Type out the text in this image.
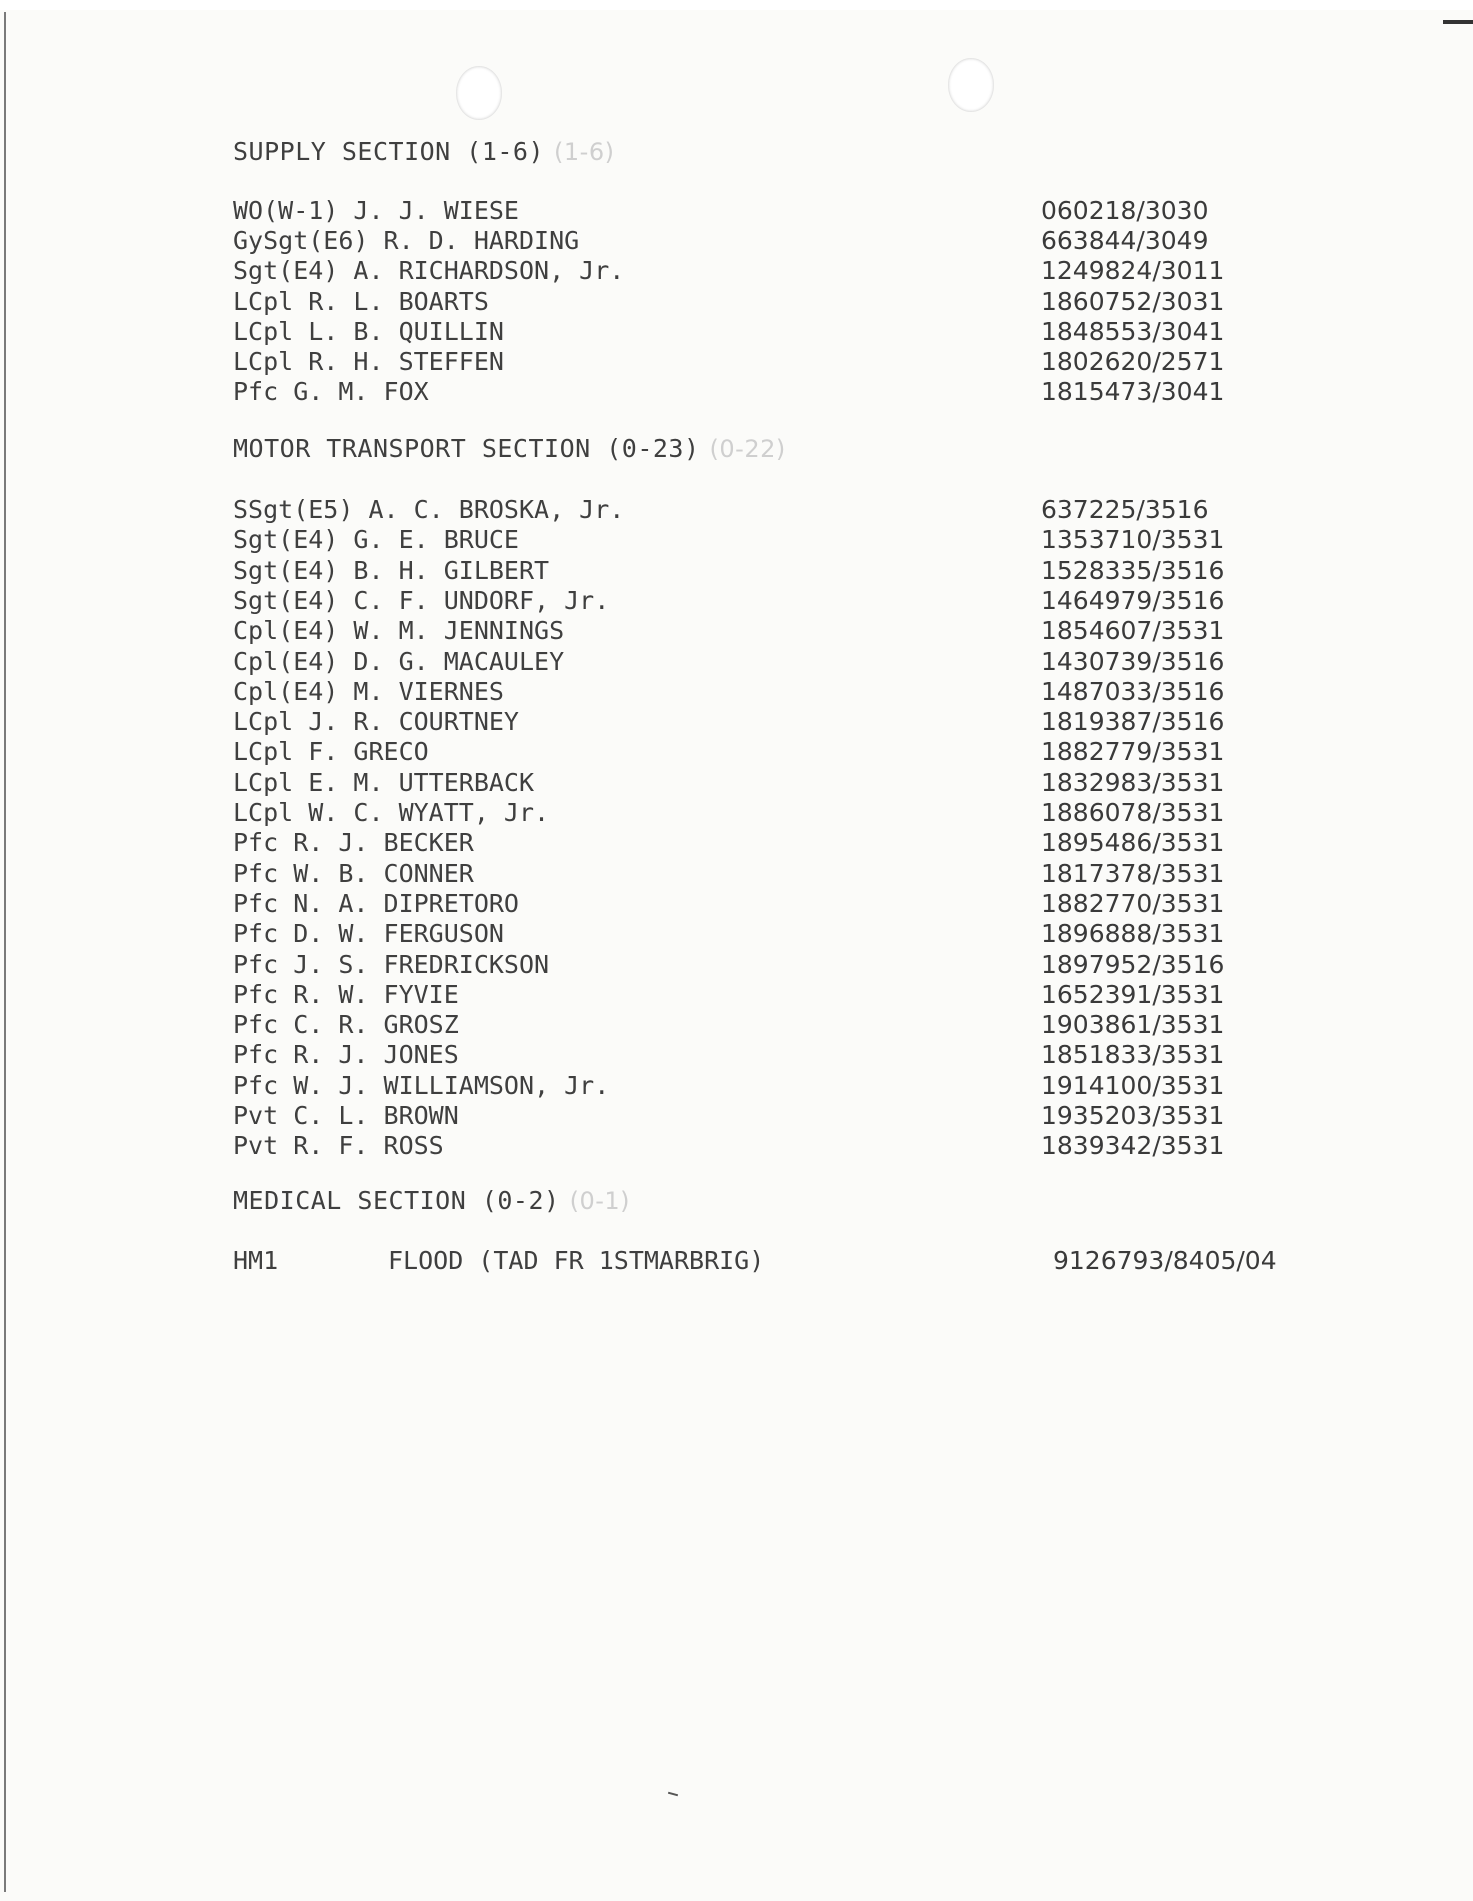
SUPPLY SECTION (1-6) (1-6)
WO(W-1) J. J. WIESE	060218/3030
GySgt(E6) R. D. HARDING	663844/3049
Sgt(E4) A. RICHARDSON, Jr.	1249824/3011
LCpl R. L. BOARTS	1860752/3031
LCpl L. B. QUILLIN	1848553/3041
LCpl R. H. STEFFEN	1802620/2571
Pfc G. M. FOX	1815473/3041
MOTOR TRANSPORT SECTION (0-23) (0-22)
SSgt(E5) A. C. BROSKA, Jr.	637225/3516
Sgt(E4) G. E. BRUCE	1353710/3531
Sgt(E4) B. H. GILBERT	1528335/3516
Sgt(E4) C. F. UNDORF, Jr.	1464979/3516
Cpl(E4) W. M. JENNINGS	1854607/3531
Cpl(E4) D. G. MACAULEY	1430739/3516
Cpl(E4) M. VIERNES	1487033/3516
LCpl J. R. COURTNEY	1819387/3516
LCpl F. GRECO	1882779/3531
LCpl E. M. UTTERBACK	1832983/3531
LCpl W. C. WYATT, Jr.	1886078/3531
Pfc R. J. BECKER	1895486/3531
Pfc W. B. CONNER	1817378/3531
Pfc N. A. DIPRETORO	1882770/3531
Pfc D. W. FERGUSON	1896888/3531
Pfc J. S. FREDRICKSON	1897952/3516
Pfc R. W. FYVIE	1652391/3531
Pfc C. R. GROSZ	1903861/3531
Pfc R. J. JONES	1851833/3531
Pfc W. J. WILLIAMSON, Jr.	1914100/3531
Pvt C. L. BROWN	1935203/3531
Pvt R. F. ROSS	1839342/3531
MEDICAL SECTION (0-2) (0-1)
HM1	FLOOD (TAD FR 1STMARBRIG)	9126793/8405/04
